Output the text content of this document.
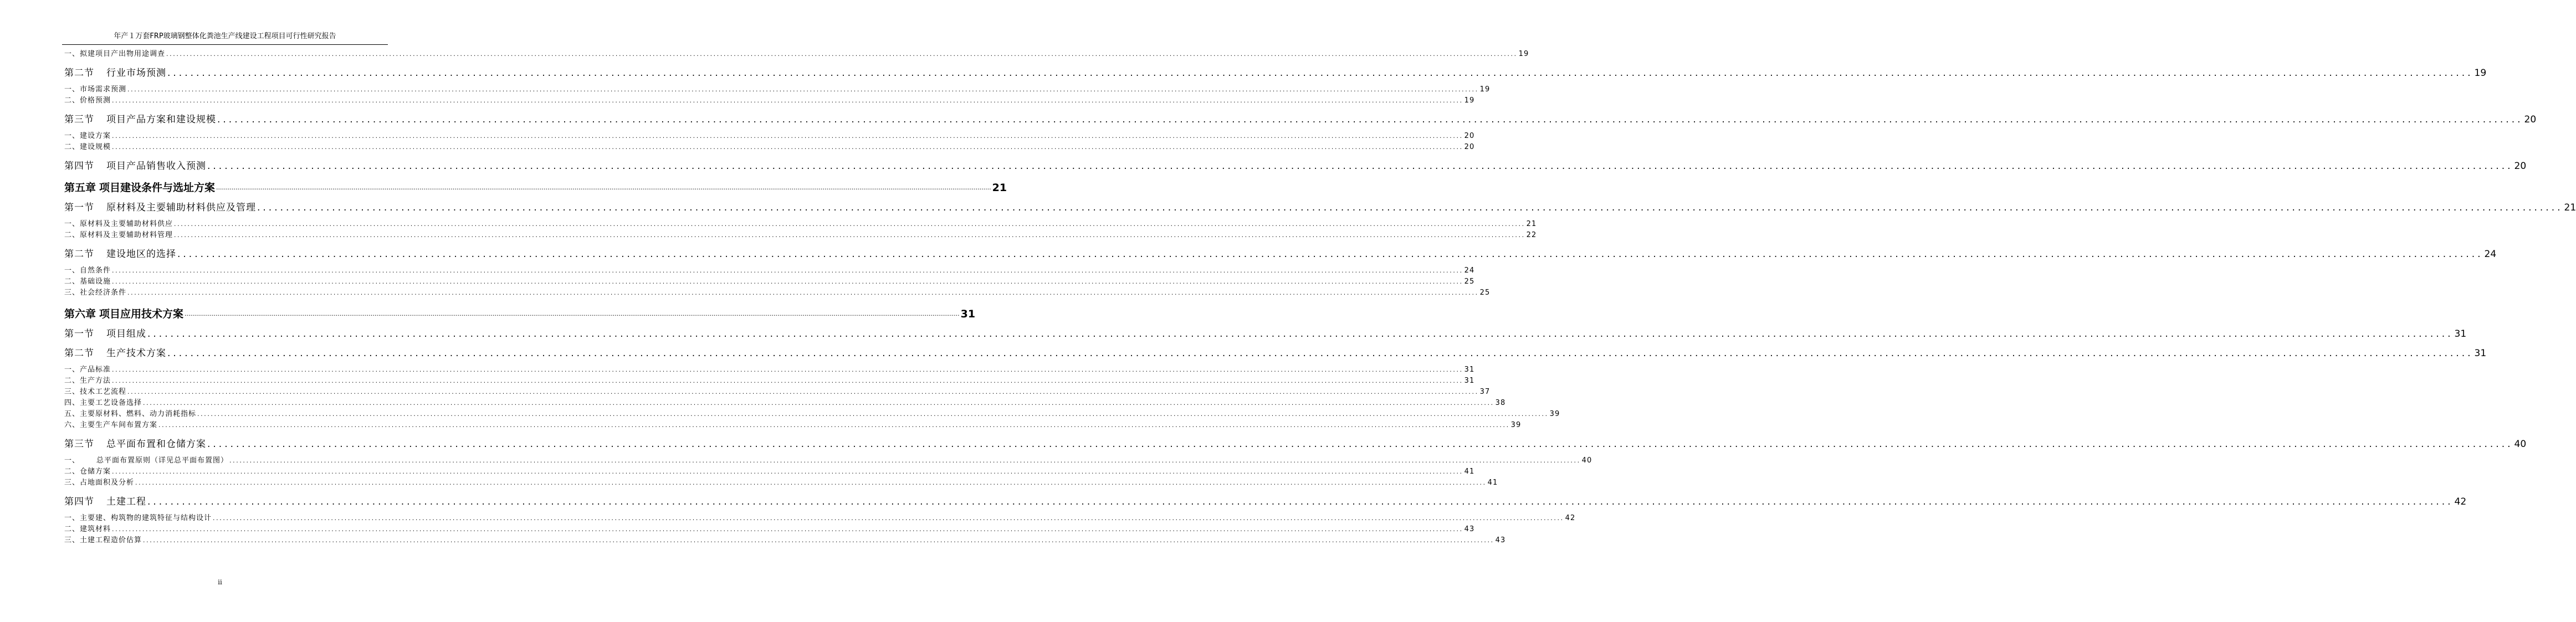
年产１万套FRP玻璃钢整体化粪池生产线建设工程项目可行性研究报告
一、拟建项目产出物用途调查 ................................................................................................................................................................................................................................................................................................................................................................................................................ 19
第二节 行业市场预测 ................................................................................................................................................................................................................................................................................................................................................................................................................ 19
一、市场需求预测 ................................................................................................................................................................................................................................................................................................................................................................................................................ 19
二、价格预测 ................................................................................................................................................................................................................................................................................................................................................................................................................ 19
第三节 项目产品方案和建设规模 ................................................................................................................................................................................................................................................................................................................................................................................................................ 20
一、建设方案 ................................................................................................................................................................................................................................................................................................................................................................................................................ 20
二、建设规模 ................................................................................................................................................................................................................................................................................................................................................................................................................ 20
第四节 项目产品销售收入预测 ................................................................................................................................................................................................................................................................................................................................................................................................................ 20
第五章 项目建设条件与选址方案 ................................................................................................................................................................................................................................................................................................................................................................................................................ 21
第一节 原材料及主要辅助材料供应及管理 ................................................................................................................................................................................................................................................................................................................................................................................................................ 21
一、原材料及主要辅助材料供应 ................................................................................................................................................................................................................................................................................................................................................................................................................ 21
二、原材料及主要辅助材料管理 ................................................................................................................................................................................................................................................................................................................................................................................................................ 22
第二节 建设地区的选择 ................................................................................................................................................................................................................................................................................................................................................................................................................ 24
一、自然条件 ................................................................................................................................................................................................................................................................................................................................................................................................................ 24
二、基础设施 ................................................................................................................................................................................................................................................................................................................................................................................................................ 25
三、社会经济条件 ................................................................................................................................................................................................................................................................................................................................................................................................................ 25
第六章 项目应用技术方案 ................................................................................................................................................................................................................................................................................................................................................................................................................ 31
第一节 项目组成 ................................................................................................................................................................................................................................................................................................................................................................................................................ 31
第二节 生产技术方案 ................................................................................................................................................................................................................................................................................................................................................................................................................ 31
一、产品标准 ................................................................................................................................................................................................................................................................................................................................................................................................................ 31
二、生产方法 ................................................................................................................................................................................................................................................................................................................................................................................................................ 31
三、技术工艺流程 ................................................................................................................................................................................................................................................................................................................................................................................................................ 37
四、主要工艺设备选择 ................................................................................................................................................................................................................................................................................................................................................................................................................ 38
五、主要原材料、燃料、动力消耗指标 ................................................................................................................................................................................................................................................................................................................................................................................................................ 39
六、主要生产车间布置方案 ................................................................................................................................................................................................................................................................................................................................................................................................................ 39
第三节 总平面布置和仓储方案 ................................................................................................................................................................................................................................................................................................................................................................................................................ 40
一、 总平面布置原则（详见总平面布置图） ................................................................................................................................................................................................................................................................................................................................................................................................................ 40
二、仓储方案 ................................................................................................................................................................................................................................................................................................................................................................................................................ 41
三、占地面积及分析 ................................................................................................................................................................................................................................................................................................................................................................................................................ 41
第四节 土建工程 ................................................................................................................................................................................................................................................................................................................................................................................................................ 42
一、主要建、构筑物的建筑特征与结构设计 ................................................................................................................................................................................................................................................................................................................................................................................................................ 42
二、建筑材料 ................................................................................................................................................................................................................................................................................................................................................................................................................ 43
三、土建工程造价估算 ................................................................................................................................................................................................................................................................................................................................................................................................................ 43
ii
